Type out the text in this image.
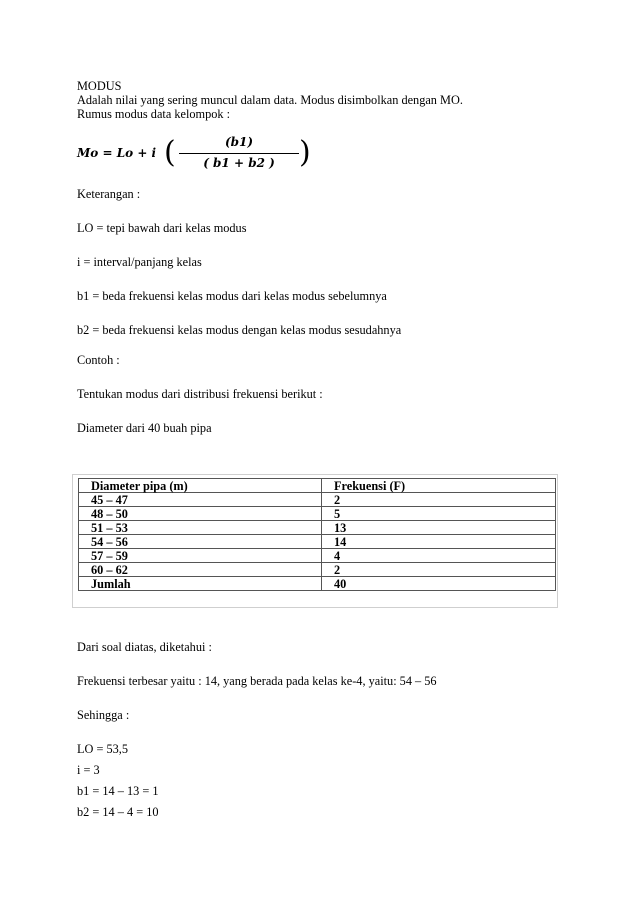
MODUS
Adalah nilai yang sering muncul dalam data. Modus disimbolkan dengan MO.
Rumus modus data kelompok :
Mo = Lo + i (	(b1)
( b1 + b2 ) )
Keterangan :
LO = tepi bawah dari kelas modus
i = interval/panjang kelas
b1 = beda frekuensi kelas modus dari kelas modus sebelumnya
b2 = beda frekuensi kelas modus dengan kelas modus sesudahnya
Contoh :
Tentukan modus dari distribusi frekuensi berikut :
Diameter dari 40 buah pipa
Diameter pipa (m)	Frekuensi (F)
45 – 47	2
48 – 50	5
51 – 53	13
54 – 56	14
57 – 59	4
60 – 62	2
Jumlah	40
Dari soal diatas, diketahui :
Frekuensi terbesar yaitu : 14, yang berada pada kelas ke-4, yaitu: 54 – 56
Sehingga :
LO = 53,5
i = 3
b1 = 14 – 13 = 1
b2 = 14 – 4 = 10
